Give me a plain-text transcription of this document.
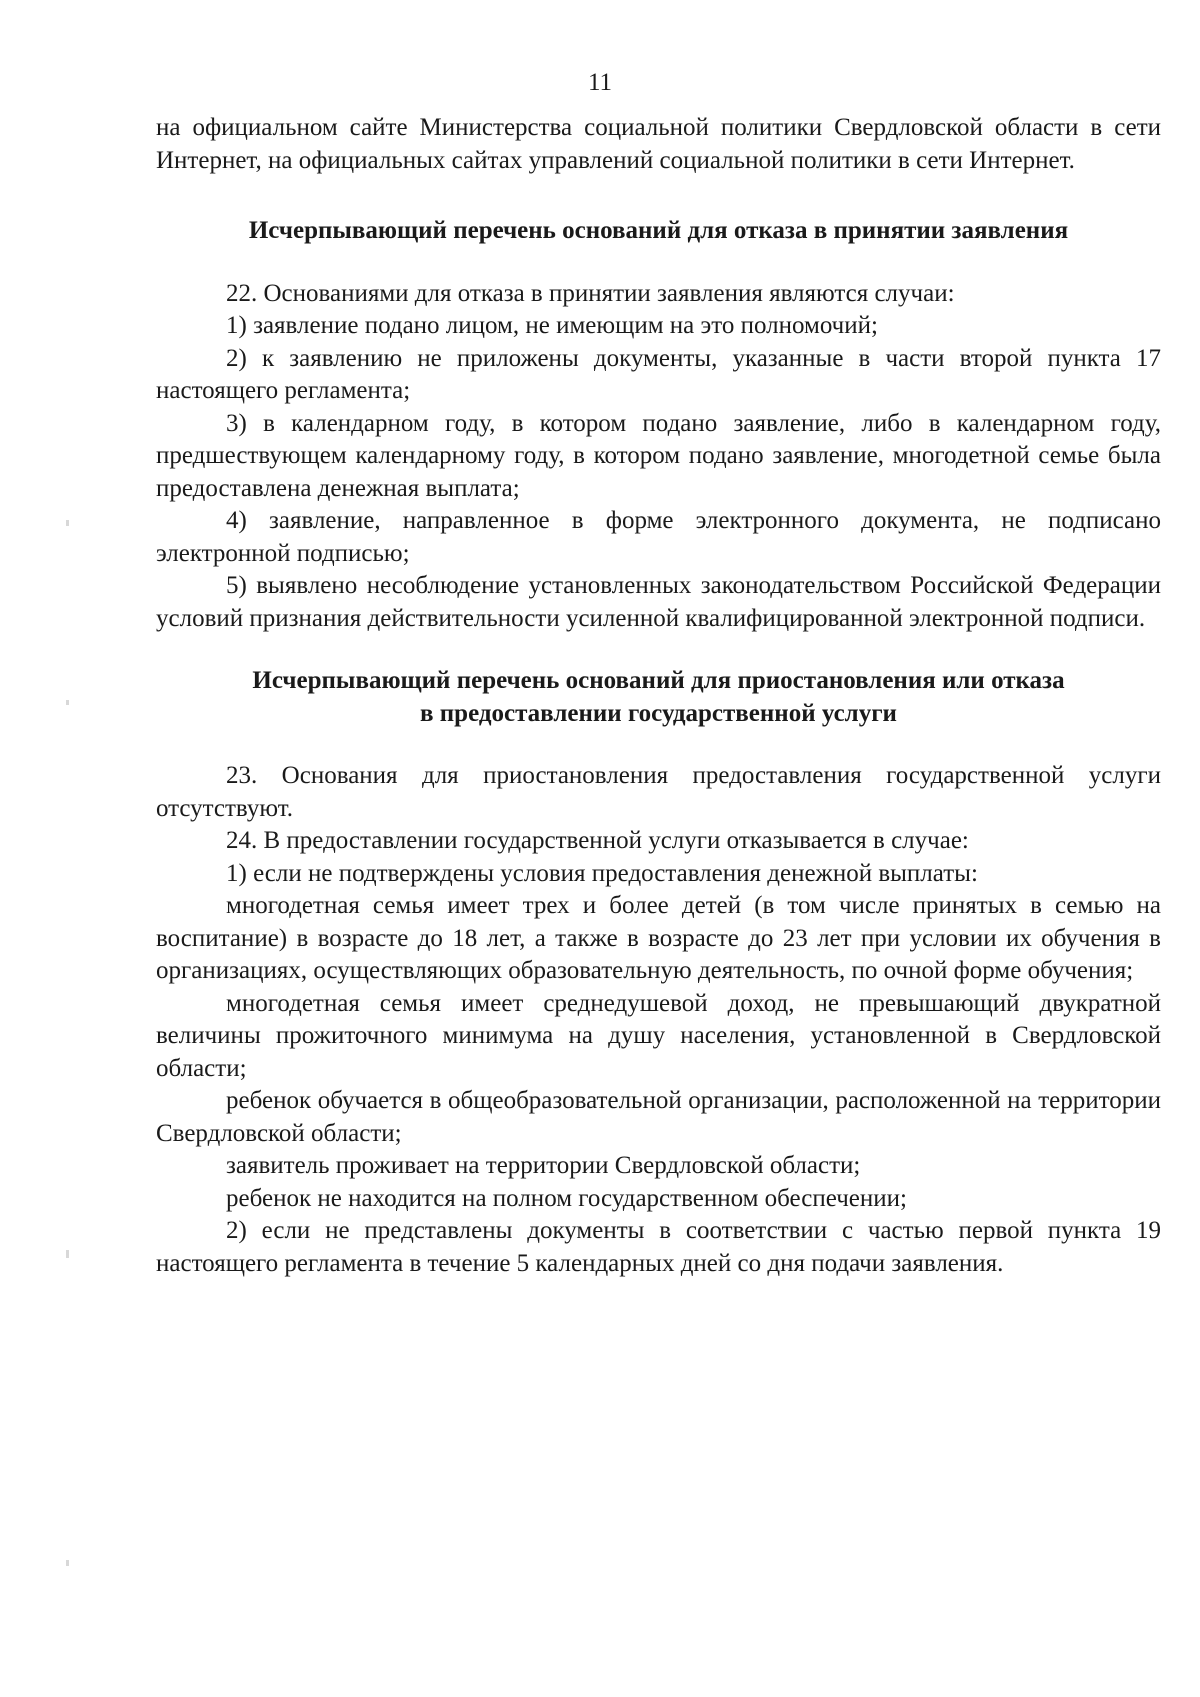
11

на официальном сайте Министерства социальной политики Свердловской области в сети Интернет, на официальных сайтах управлений социальной политики в сети Интернет.

Исчерпывающий перечень оснований для отказа в принятии заявления

22. Основаниями для отказа в принятии заявления являются случаи:

1) заявление подано лицом, не имеющим на это полномочий;

2) к заявлению не приложены документы, указанные в части второй пункта 17 настоящего регламента;

3) в календарном году, в котором подано заявление, либо в календарном году, предшествующем календарному году, в котором подано заявление, многодетной семье была предоставлена денежная выплата;

4) заявление, направленное в форме электронного документа, не подписано электронной подписью;

5) выявлено несоблюдение установленных законодательством Российской Федерации условий признания действительности усиленной квалифицированной электронной подписи.

Исчерпывающий перечень оснований для приостановления или отказа

в предоставлении государственной услуги

23. Основания для приостановления предоставления государственной услуги отсутствуют.

24. В предоставлении государственной услуги отказывается в случае:

1) если не подтверждены условия предоставления денежной выплаты:

многодетная семья имеет трех и более детей (в том числе принятых в семью на воспитание) в возрасте до 18 лет, а также в возрасте до 23 лет при условии их обучения в организациях, осуществляющих образовательную деятельность, по очной форме обучения;

многодетная семья имеет среднедушевой доход, не превышающий двукратной величины прожиточного минимума на душу населения, установленной в Свердловской области;

ребенок обучается в общеобразовательной организации, расположенной на территории Свердловской области;

заявитель проживает на территории Свердловской области;

ребенок не находится на полном государственном обеспечении;

2) если не представлены документы в соответствии с частью первой пункта 19 настоящего регламента в течение 5 календарных дней со дня подачи заявления.
